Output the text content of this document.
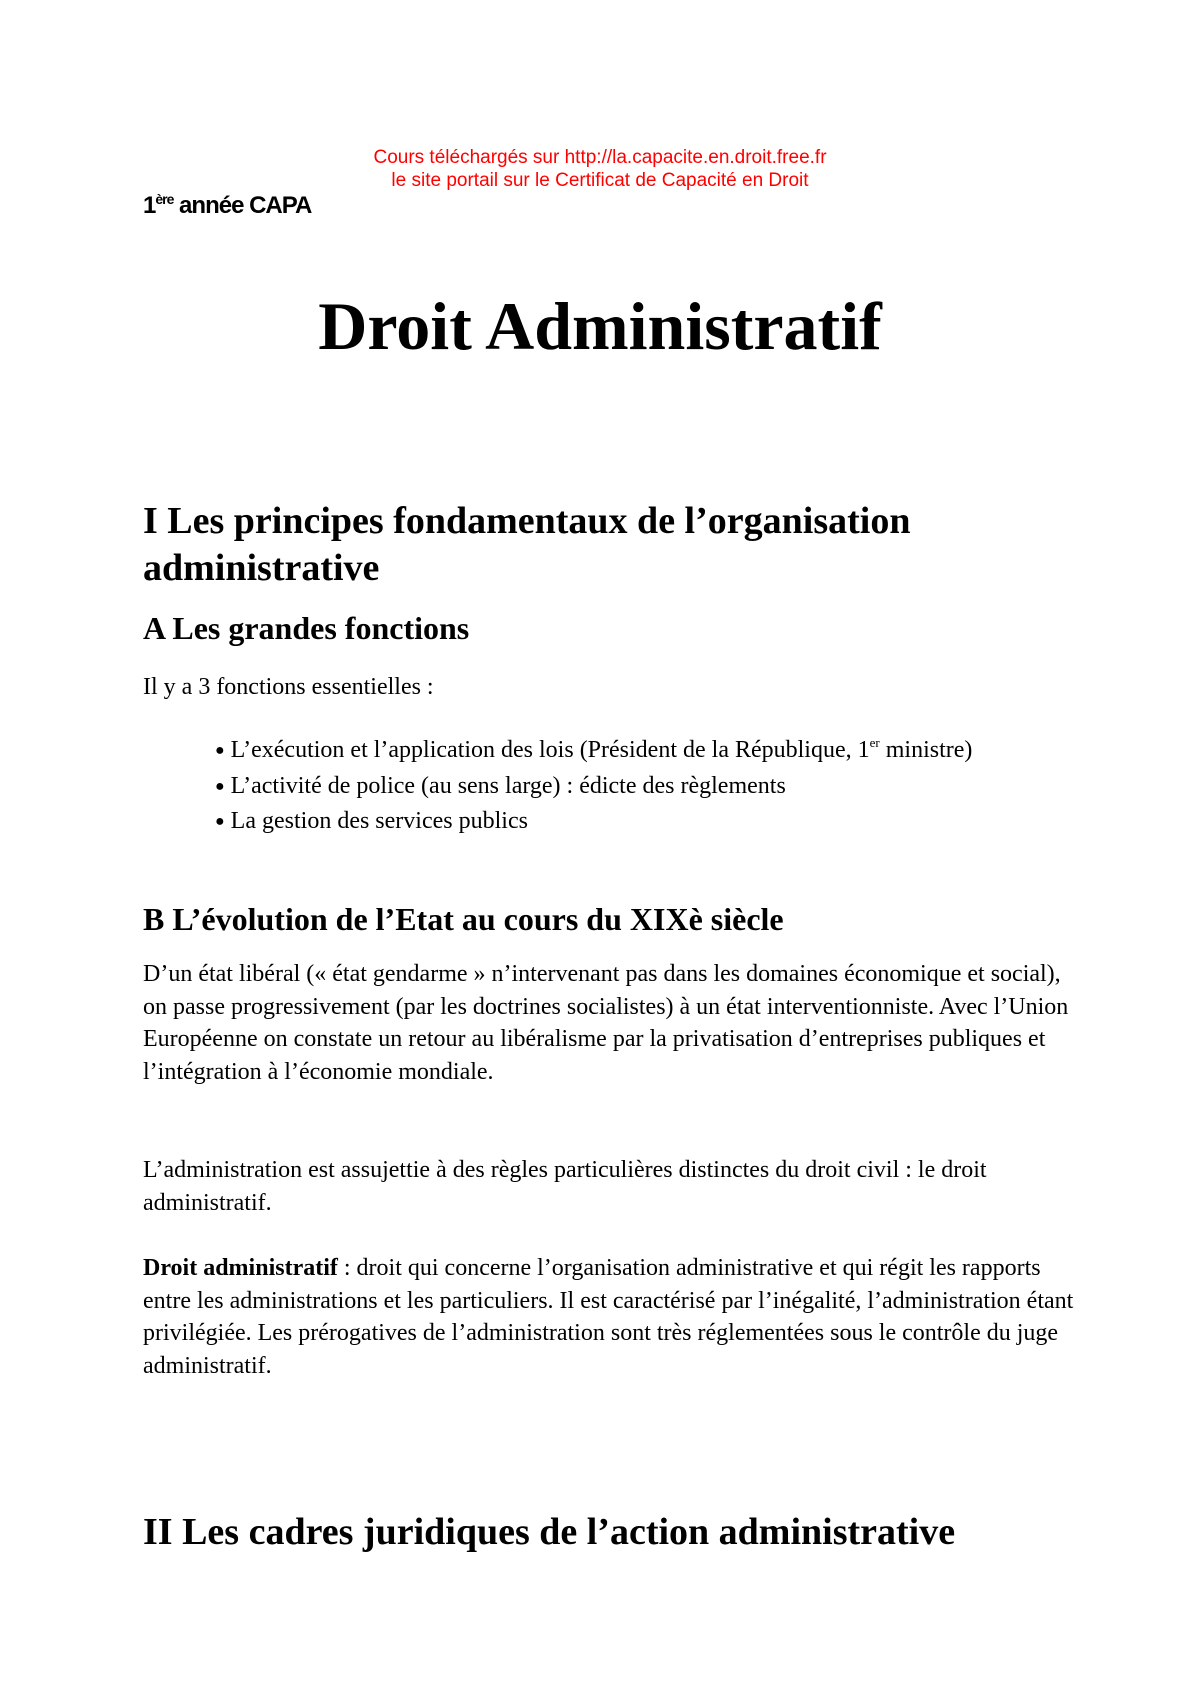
Cours téléchargés sur http://la.capacite.en.droit.free.fr
le site portail sur le Certificat de Capacité en Droit
1ère année CAPA
Droit Administratif
I Les principes fondamentaux de l’organisation administrative
A Les grandes fonctions
Il y a 3 fonctions essentielles :
● L’exécution et l’application des lois (Président de la République, 1er ministre)
● L’activité de police (au sens large) : édicte des règlements
● La gestion des services publics
B L’évolution de l’Etat au cours du XIXè siècle
D’un état libéral (« état gendarme » n’intervenant pas dans les domaines économique et social), on passe progressivement (par les doctrines socialistes) à un état interventionniste. Avec l’Union Européenne on constate un retour au libéralisme par la privatisation d’entreprises publiques et l’intégration à l’économie mondiale.
L’administration est assujettie à des règles particulières distinctes du droit civil : le droit administratif.
Droit administratif : droit qui concerne l’organisation administrative et qui régit les rapports entre les administrations et les particuliers. Il est caractérisé par l’inégalité, l’administration étant privilégiée. Les prérogatives de l’administration sont très réglementées sous le contrôle du juge administratif.
II Les cadres juridiques de l’action administrative
